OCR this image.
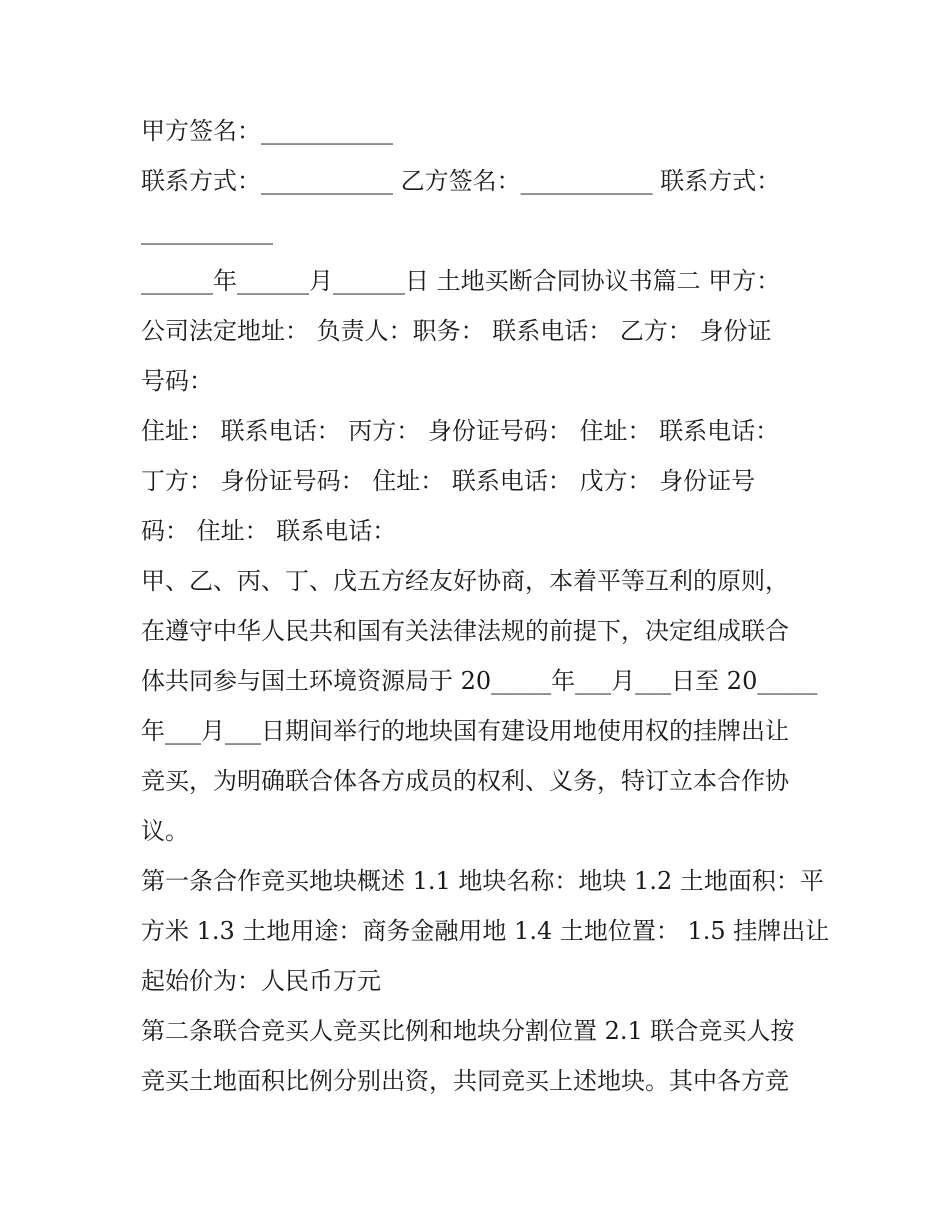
甲方签名：___________
联系方式：___________ 乙方签名：___________ 联系方式：
___________
______年______月______日 土地买断合同协议书篇二 甲方：
公司法定地址： 负责人：职务： 联系电话： 乙方： 身份证
号码：
住址： 联系电话： 丙方： 身份证号码： 住址： 联系电话：
丁方： 身份证号码： 住址： 联系电话： 戊方： 身份证号
码： 住址： 联系电话：
甲、乙、丙、丁、戊五方经友好协商，本着平等互利的原则，
在遵守中华人民共和国有关法律法规的前提下，决定组成联合
体共同参与国土环境资源局于 20_____年___月___日至 20_____
年___月___日期间举行的地块国有建设用地使用权的挂牌出让
竞买，为明确联合体各方成员的权利、义务，特订立本合作协
议。
第一条合作竞买地块概述 1.1 地块名称：地块 1.2 土地面积：平
方米 1.3 土地用途：商务金融用地 1.4 土地位置： 1.5 挂牌出让
起始价为：人民币万元
第二条联合竞买人竞买比例和地块分割位置 2.1 联合竞买人按
竞买土地面积比例分别出资，共同竞买上述地块。其中各方竞
